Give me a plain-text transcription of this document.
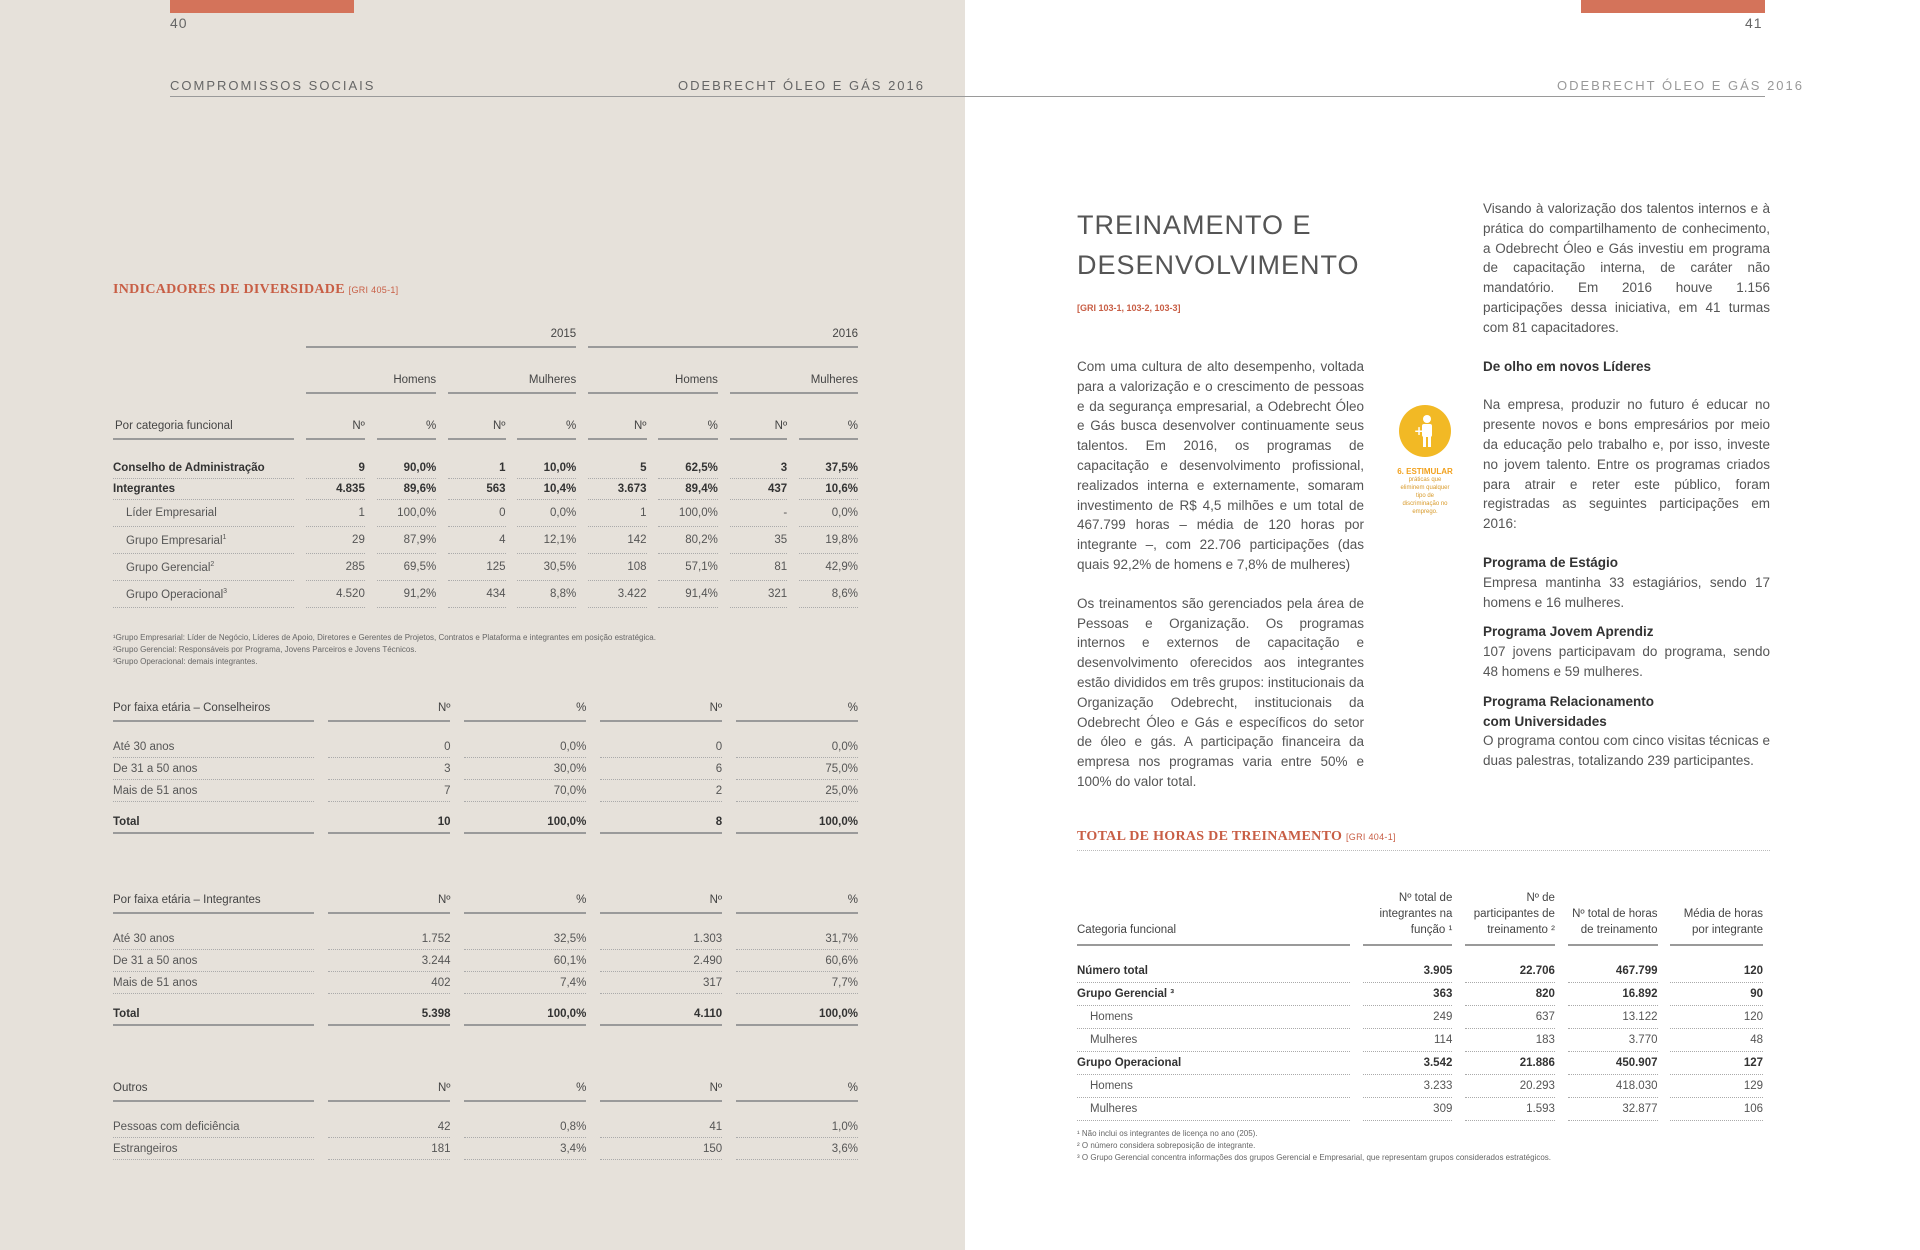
40
COMPROMISSOS SOCIAIS	ODEBRECHT ÓLEO E GÁS 2016
INDICADORES DE DIVERSIDADE [GRI 405-1]
		2015								2016						
		Homens				Mulheres				Homens				Mulheres		
Por categoria funcional		Nº		%		Nº		%		Nº		%		Nº		%

Conselho de Administração		9		90,0%		1		10,0%		5		62,5%		3		37,5%
Integrantes		4.835		89,6%		563		10,4%		3.673		89,4%		437		10,6%
Líder Empresarial		1		100,0%		0		0,0%		1		100,0%		-		0,0%
Grupo Empresarial$^1$		29		87,9%		4		12,1%		142		80,2%		35		19,8%
Grupo Gerencial$^2$		285		69,5%		125		30,5%		108		57,1%		81		42,9%
Grupo Operacional$^3$		4.520		91,2%		434		8,8%		3.422		91,4%		321		8,6%
¹Grupo Empresarial: Líder de Negócio, Líderes de Apoio, Diretores e Gerentes de Projetos, Contratos e Plataforma e integrantes em posição estratégica.
²Grupo Gerencial: Responsáveis por Programa, Jovens Parceiros e Jovens Técnicos.
³Grupo Operacional: demais integrantes.
Por faixa etária – Conselheiros		Nº		%		Nº		%

Até 30 anos		0		0,0%		0		0,0%
De 31 a 50 anos		3		30,0%		6		75,0%
Mais de 51 anos		7		70,0%		2		25,0%

Total		10		100,0%		8		100,0%
Por faixa etária – Integrantes		Nº		%		Nº		%

Até 30 anos		1.752		32,5%		1.303		31,7%
De 31 a 50 anos		3.244		60,1%		2.490		60,6%
Mais de 51 anos		402		7,4%		317		7,7%

Total		5.398		100,0%		4.110		100,0%
Outros		Nº		%		Nº		%

Pessoas com deficiência		42		0,8%		41		1,0%
Estrangeiros		181		3,4%		150		3,6%
41
ODEBRECHT ÓLEO E GÁS 2016
TREINAMENTO E
DESENVOLVIMENTO
[GRI 103-1, 103-2, 103-3]

Com uma cultura de alto desempenho, voltada para a valorização e o crescimento de pessoas e da segurança empresarial, a Odebrecht Óleo e Gás busca desenvolver continuamente seus talentos. Em 2016, os programas de capacitação e desenvolvimento profissional, realizados interna e externamente, somaram investimento de R$ 4,5 milhões e um total de 467.799 horas – média de 120 horas por integrante –, com 22.706 participações (das quais 92,2% de homens e 7,8% de mulheres)

Os treinamentos são gerenciados pela área de Pessoas e Organização. Os programas internos e externos de capacitação e desenvolvimento oferecidos aos integrantes estão divididos em três grupos: institucionais da Organização Odebrecht, institucionais da Odebrecht Óleo e Gás e específicos do setor de óleo e gás. A participação financeira da empresa nos programas varia entre 50% e 100% do valor total.

+
6. ESTIMULAR
práticas que eliminem qualquer tipo de discriminação no emprego.

Visando à valorização dos talentos internos e à prática do compartilhamento de conhecimento, a Odebrecht Óleo e Gás investiu em programa de capacitação interna, de caráter não mandatório. Em 2016 houve 1.156 participações dessa iniciativa, em 41 turmas com 81 capacitadores.

De olho em novos Líderes

Na empresa, produzir no futuro é educar no presente novos e bons empresários por meio da educação pelo trabalho e, por isso, investe no jovem talento. Entre os programas criados para atrair e reter este público, foram registradas as seguintes participações em 2016:

Programa de Estágio

Empresa mantinha 33 estagiários, sendo 17 homens e 16 mulheres.

Programa Jovem Aprendiz

107 jovens participavam do programa, sendo 48 homens e 59 mulheres.

Programa Relacionamento
com Universidades

O programa contou com cinco visitas técnicas e duas palestras, totalizando 239 participantes.

TOTAL DE HORAS DE TREINAMENTO [GRI 404-1]
Categoria funcional		Nº total de integrantes na função ¹		Nº de participantes de treinamento ²		Nº total de horas de treinamento		Média de horas por integrante

Número total		3.905		22.706		467.799		120
Grupo Gerencial ³		363		820		16.892		90
Homens		249		637		13.122		120
Mulheres		114		183		3.770		48
Grupo Operacional		3.542		21.886		450.907		127
Homens		3.233		20.293		418.030		129
Mulheres		309		1.593		32.877		106
¹ Não inclui os integrantes de licença no ano (205).
² O número considera sobreposição de integrante.
³ O Grupo Gerencial concentra informações dos grupos Gerencial e Empresarial, que representam grupos considerados estratégicos.
